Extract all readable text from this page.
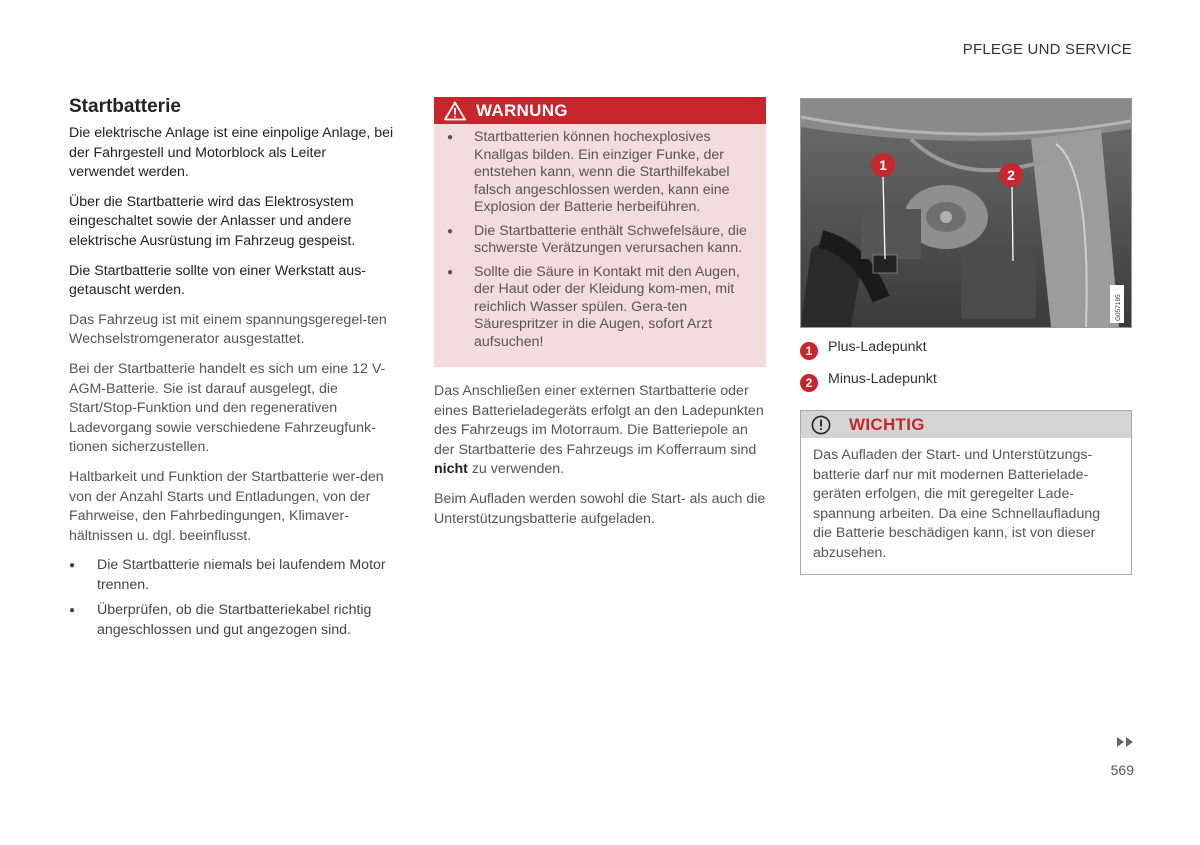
PFLEGE UND SERVICE
Startbatterie

Die elektrische Anlage ist eine einpolige Anlage, bei der Fahrgestell und Motorblock als Leiter verwendet werden.

Über die Startbatterie wird das Elektrosystem eingeschaltet sowie der Anlasser und andere elektrische Ausrüstung im Fahrzeug gespeist.

Die Startbatterie sollte von einer Werkstatt aus-getauscht werden.

Das Fahrzeug ist mit einem spannungsgeregel-ten Wechselstromgenerator ausgestattet.

Bei der Startbatterie handelt es sich um eine 12 V-AGM-Batterie. Sie ist darauf ausgelegt, die Start/Stop-Funktion und den regenerativen Ladevorgang sowie verschiedene Fahrzeugfunk-tionen sicherzustellen.

Haltbarkeit und Funktion der Startbatterie wer-den von der Anzahl Starts und Entladungen, von der Fahrweise, den Fahrbedingungen, Klimaver-hältnissen u. dgl. beeinflusst.

● Die Startbatterie niemals bei laufendem Motor trennen.
● Überprüfen, ob die Startbatteriekabel richtig angeschlossen und gut angezogen sind.
WARNUNG
● Startbatterien können hochexplosives Knallgas bilden. Ein einziger Funke, der entstehen kann, wenn die Starthilfekabel falsch angeschlossen werden, kann eine Explosion der Batterie herbeiführen.
● Die Startbatterie enthält Schwefelsäure, die schwerste Verätzungen verursachen kann.
● Sollte die Säure in Kontakt mit den Augen, der Haut oder der Kleidung kom-men, mit reichlich Wasser spülen. Gera-ten Säurespritzer in die Augen, sofort Arzt aufsuchen!

Das Anschließen einer externen Startbatterie oder eines Batterieladegeräts erfolgt an den Ladepunkten des Fahrzeugs im Motorraum. Die Batteriepole an der Startbatterie des Fahrzeugs im Kofferraum sind nicht zu verwenden.

Beim Aufladen werden sowohl die Start- als auch die Unterstützungsbatterie aufgeladen.

1
2
G057195
1	Plus-Ladepunkt
2	Minus-Ladepunkt
WICHTIG
Das Aufladen der Start- und Unterstützungs-batterie darf nur mit modernen Batterielade-geräten erfolgen, die mit geregelter Lade-spannung arbeiten. Da eine Schnellaufladung die Batterie beschädigen kann, ist von dieser abzusehen.
569
